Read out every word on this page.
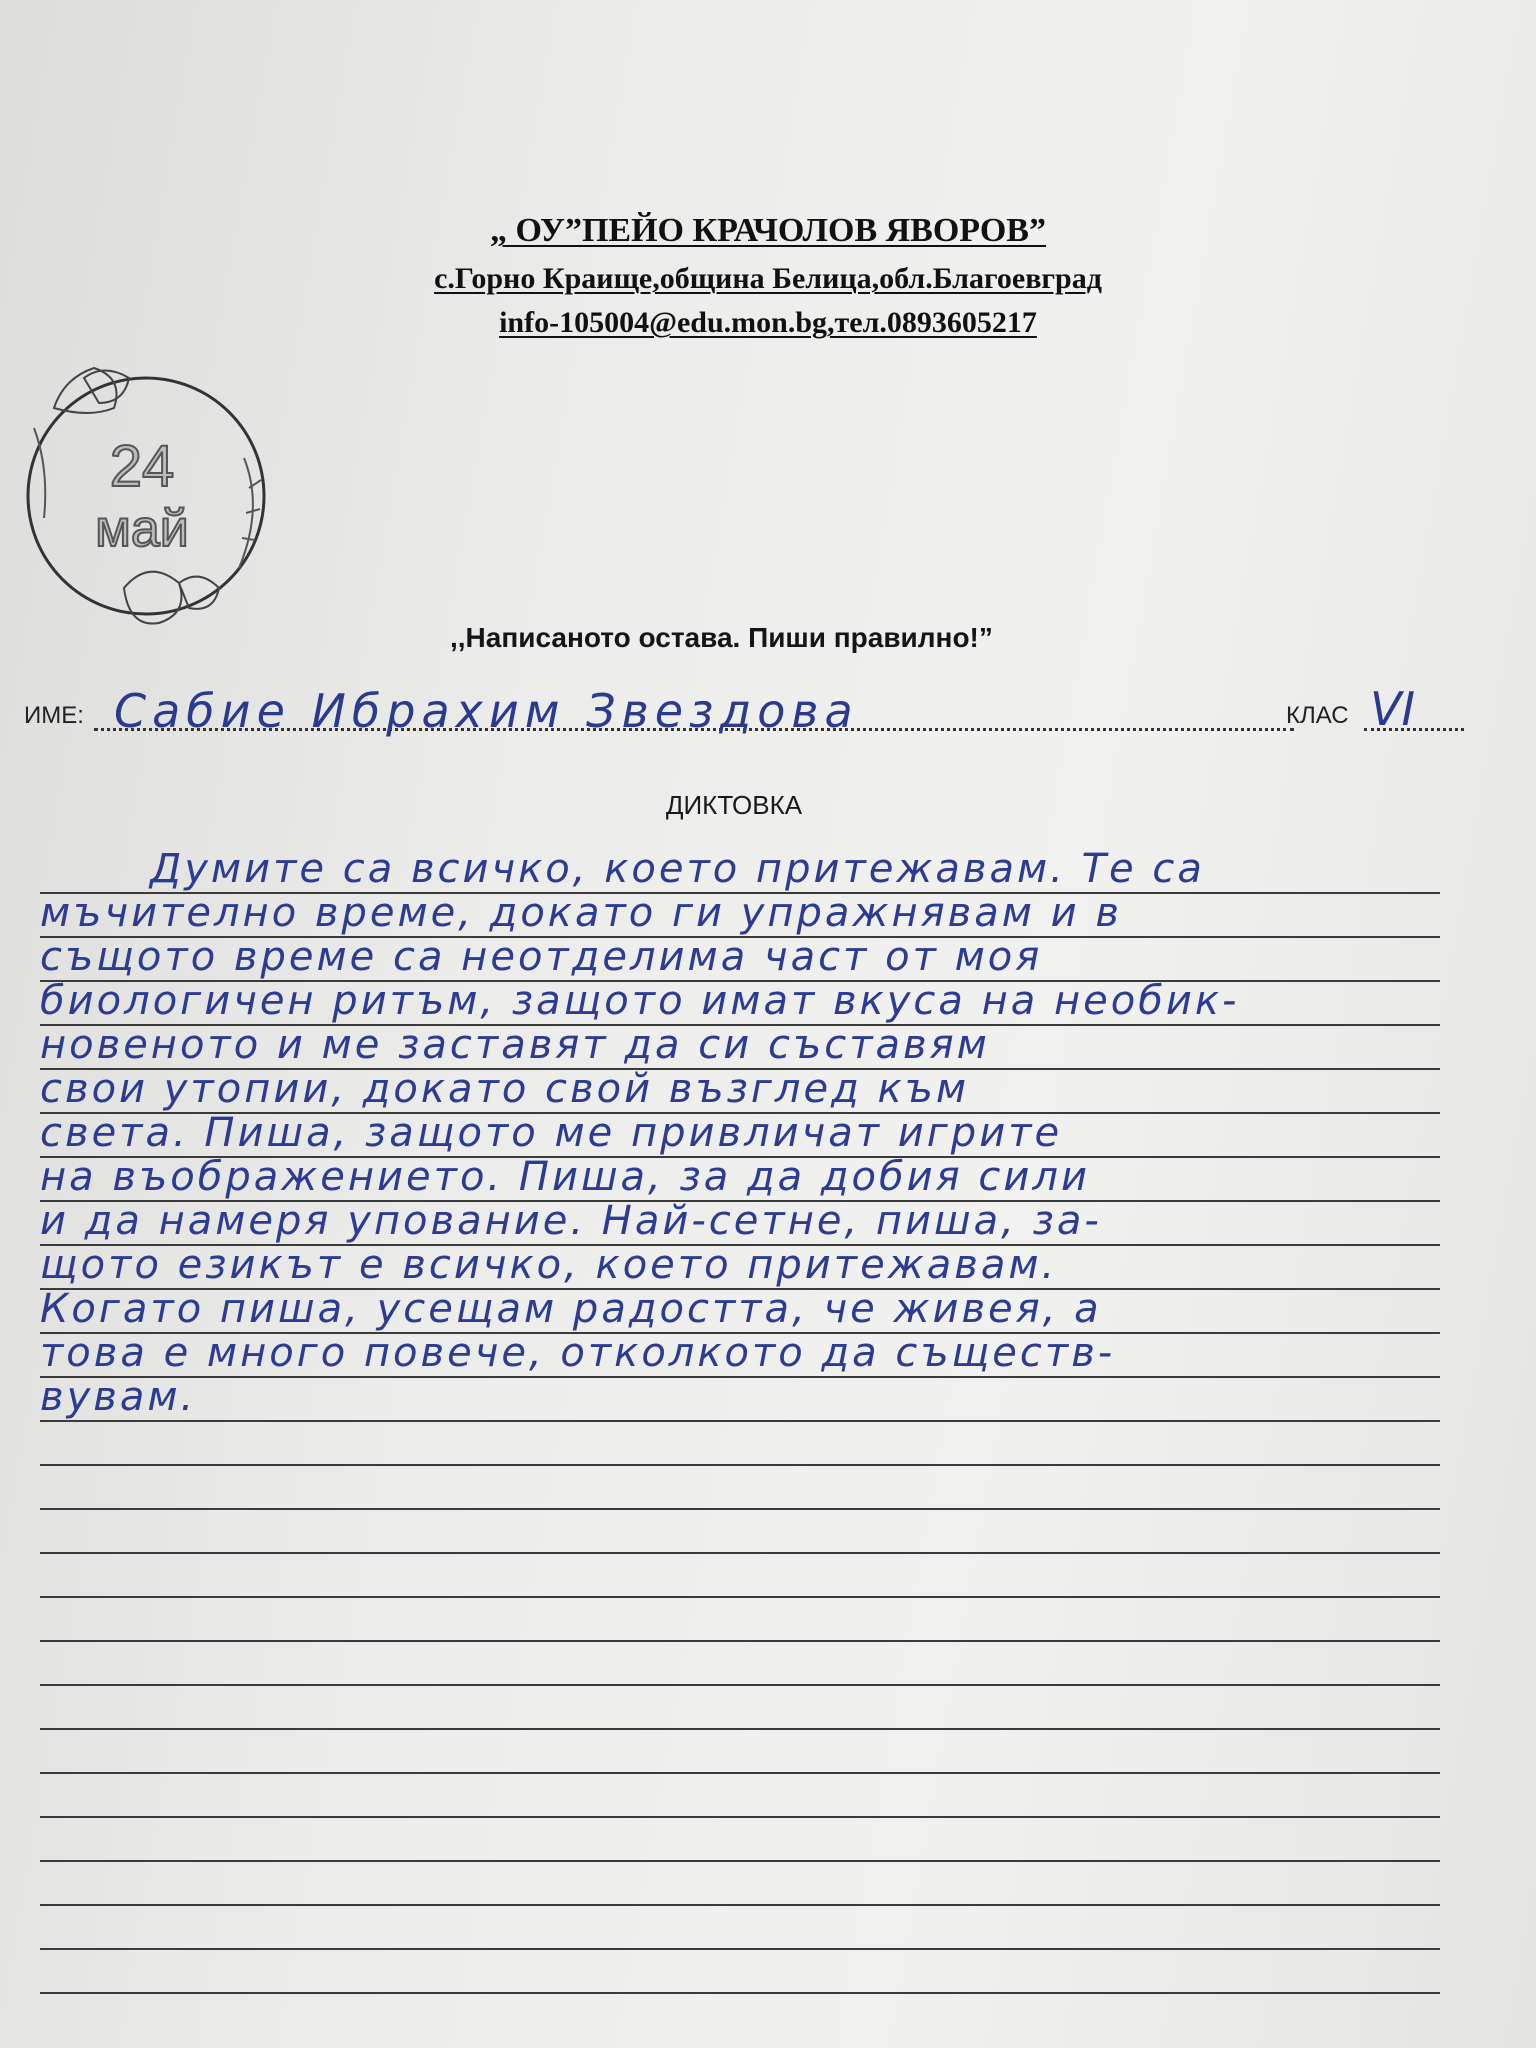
„ ОУ”ПЕЙО КРАЧОЛОВ ЯВОРОВ”
с.Горно Краище,община Белица,обл.Благоевград
info-105004@edu.mon.bg,тел.0893605217
24
май
,,Написаното остава. Пиши правилно!”
ИМЕ: Сабие Ибрахим Звездова	КЛАС VI
ДИКТОВКА
Думите са всичко, което притежавам. Те са
мъчително време, докато ги упражнявам и в
същото време са неотделима част от моя
биологичен ритъм, защото имат вкуса на необик-
новеното и ме заставят да си съставям
свои утопии, докато свой възглед към
света. Пиша, защото ме привличат игрите
на въображението. Пиша, за да добия сили
и да намеря упование. Най-сетне, пиша, за-
щото езикът е всичко, което притежавам.
Когато пиша, усещам радостта, че живея, а
това е много повече, отколкото да съществ-
вувам.
